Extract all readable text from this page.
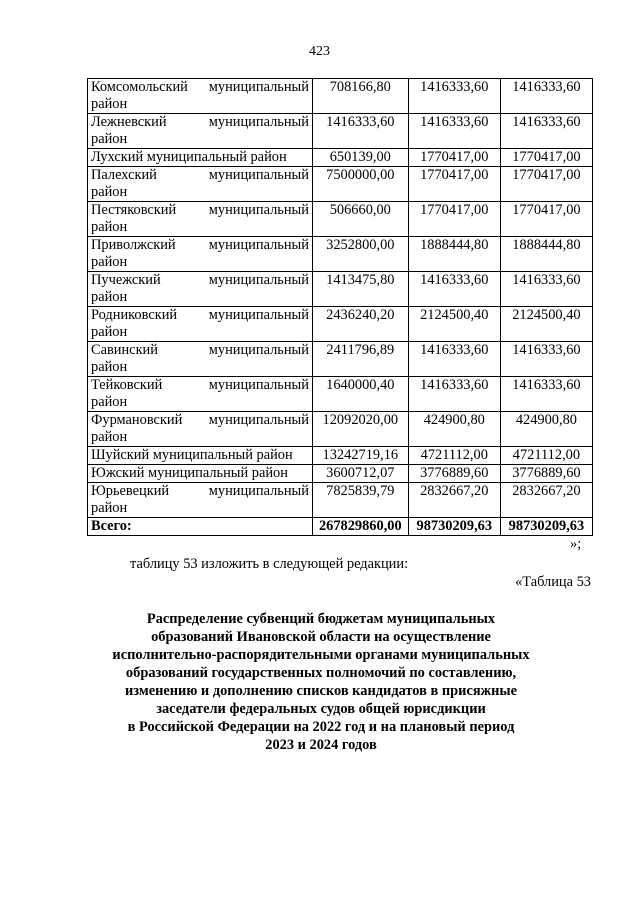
423
Комсомольский муниципальный
район	708166,80	1416333,60	1416333,60

Лежневский муниципальный
район	1416333,60	1416333,60	1416333,60

Лухский муниципальный район	650139,00	1770417,00	1770417,00

Палехский муниципальный
район	7500000,00	1770417,00	1770417,00

Пестяковский муниципальный
район	506660,00	1770417,00	1770417,00

Приволжский муниципальный
район	3252800,00	1888444,80	1888444,80

Пучежский муниципальный
район	1413475,80	1416333,60	1416333,60

Родниковский муниципальный
район	2436240,20	2124500,40	2124500,40

Савинский муниципальный
район	2411796,89	1416333,60	1416333,60

Тейковский муниципальный
район	1640000,40	1416333,60	1416333,60

Фурмановский муниципальный
район	12092020,00	424900,80	424900,80

Шуйский муниципальный район	13242719,16	4721112,00	4721112,00

Южский муниципальный район	3600712,07	3776889,60	3776889,60

Юрьевецкий муниципальный
район	7825839,79	2832667,20	2832667,20
Всего:	267829860,00	98730209,63	98730209,63
»;
таблицу 53 изложить в следующей редакции:
«Таблица 53
Распределение субвенций бюджетам муниципальных
образований Ивановской области на осуществление
исполнительно-распорядительными органами муниципальных
образований государственных полномочий по составлению,
изменению и дополнению списков кандидатов в присяжные
заседатели федеральных судов общей юрисдикции
в Российской Федерации на 2022 год и на плановый период
2023 и 2024 годов
